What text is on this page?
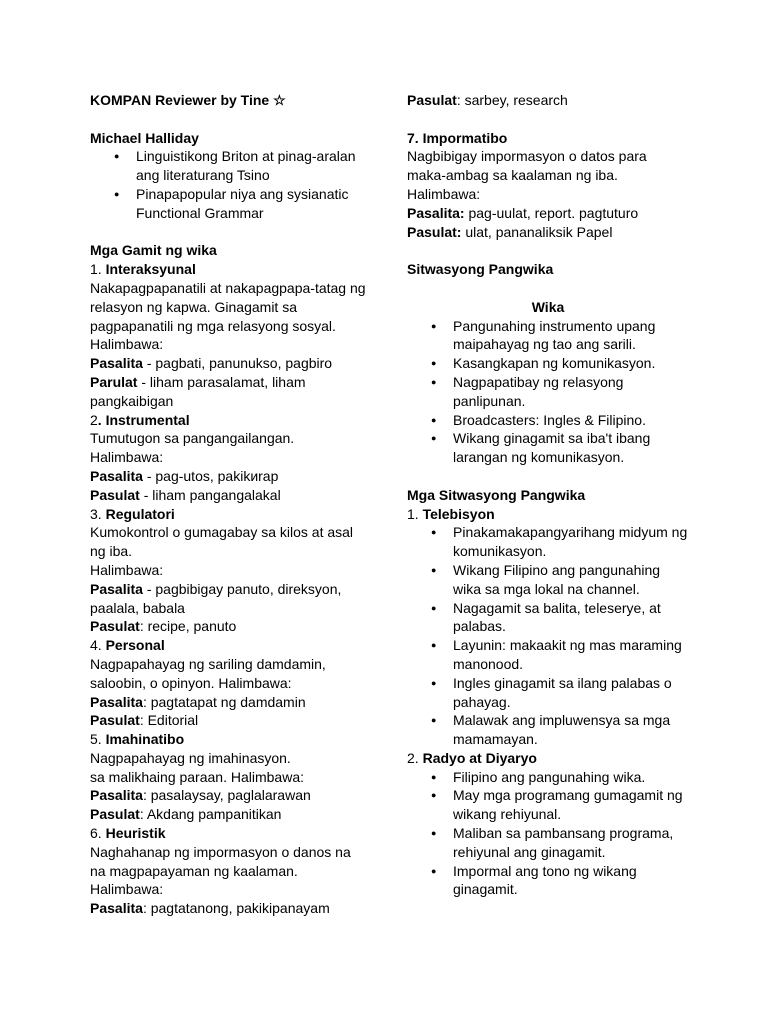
KOMPAN Reviewer by Tine ☆

Michael Halliday

● Linguistikong Briton at pinag-aralan ang literaturang Tsino
● Pinapapopular niya ang sysianatic Functional Grammar

Mga Gamit ng wika

1. Interaksyunal

Nakapagpapanatili at nakapagpapa-tatag ng relasyon ng kapwa. Ginagamit sa pagpapanatili ng mga relasyong sosyal.

Halimbawa:

Pasalita - pagbati, panunukso, pagbiro

Parulat - liham parasalamat, liham pangkaibigan

2. Instrumental

Tumutugon sa pangangailangan.

Halimbawa:

Pasalita - pag-utos, pakikиrap

Pasulat - liham pangangalakal

3. Regulatori

Kumokontrol o gumagabay sa kilos at asal ng iba.

Halimbawa:

Pasalita - pagbibigay panuto, direksyon, paalala, babala

Pasulat: recipe, panuto

4. Personal

Nagpapahayag ng sariling damdamin, saloobin, o opinyon. Halimbawa:

Pasalita: pagtatapat ng damdamin

Pasulat: Editorial

5. Imahinatibo

Nagpapahayag ng imahinasyon.

sa malikhaing paraan. Halimbawa:

Pasalita: pasalaysay, paglalarawan

Pasulat: Akdang pampanitikan

6. Heuristik

Naghahanap ng impormasyon o danos na na magpapayaman ng kaalaman.

Halimbawa:

Pasalita: pagtatanong, pakikipanayam

Pasulat: sarbey, research

7. Impormatibo

Nagbibigay impormasyon o datos para maka-ambag sa kaalaman ng iba.

Halimbawa:

Pasalita: pag-uulat, report. pagtuturo

Pasulat: ulat, pananaliksik Papel

Sitwasyong Pangwika

Wika

● Pangunahing instrumento upang maipahayag ng tao ang sarili.
● Kasangkapan ng komunikasyon.
● Nagpapatibay ng relasyong panlipunan.
● Broadcasters: Ingles & Filipino.
● Wikang ginagamit sa iba't ibang larangan ng komunikasyon.

Mga Sitwasyong Pangwika

1. Telebisyon

● Pinakamakapangyarihang midyum ng komunikasyon.
● Wikang Filipino ang pangunahing wika sa mga lokal na channel.
● Nagagamit sa balita, teleserye, at palabas.
● Layunin: makaakit ng mas maraming manonood.
● Ingles ginagamit sa ilang palabas o pahayag.
● Malawak ang impluwensya sa mga mamamayan.

2. Radyo at Diyaryo

● Filipino ang pangunahing wika.
● May mga programang gumagamit ng wikang rehiyunal.
● Maliban sa pambansang programa, rehiyunal ang ginagamit.
● Impormal ang tono ng wikang ginagamit.
